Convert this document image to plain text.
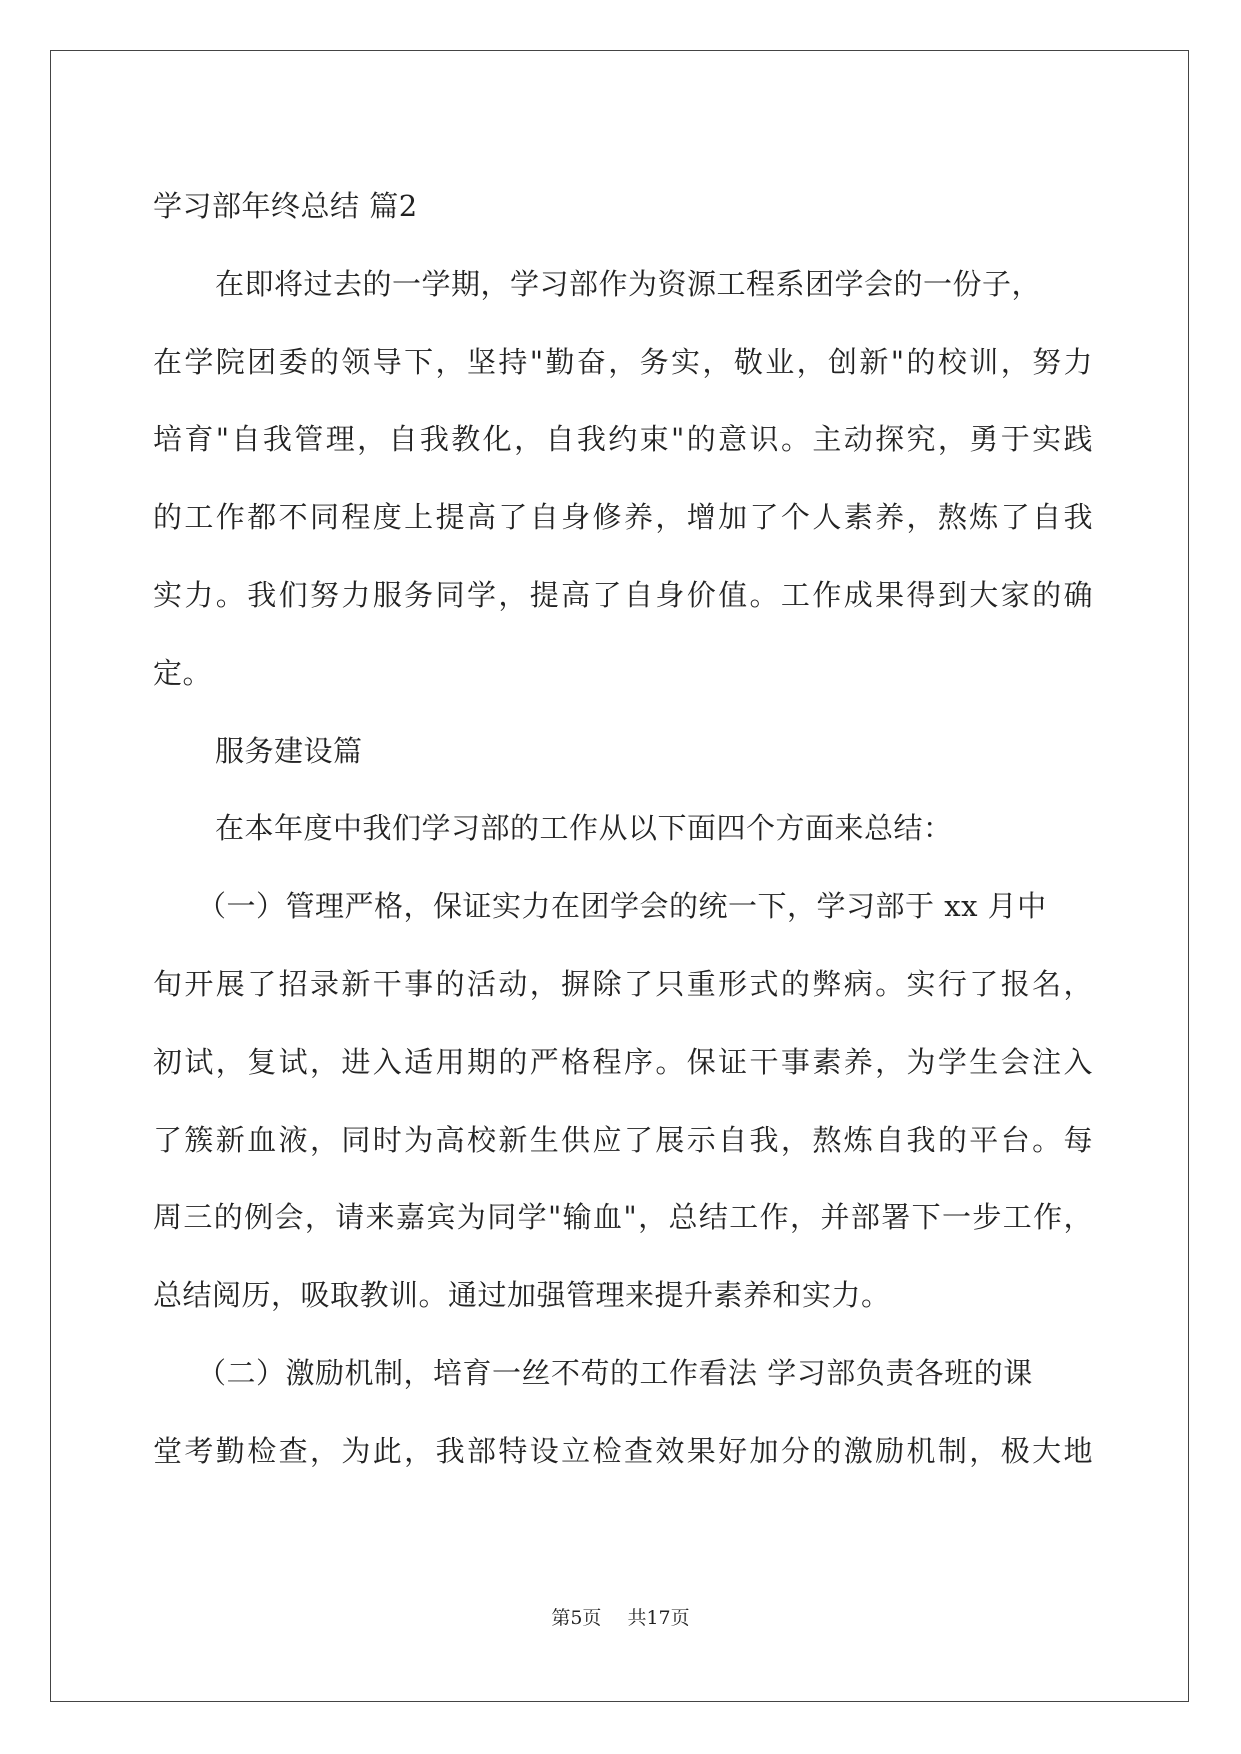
学习部年终总结 篇2
在即将过去的一学期，学习部作为资源工程系团学会的一份子，
在学院团委的领导下，坚持"勤奋，务实，敬业，创新"的校训，努力
培育"自我管理，自我教化，自我约束"的意识。主动探究，勇于实践
的工作都不同程度上提高了自身修养，增加了个人素养，熬炼了自我
实力。我们努力服务同学，提高了自身价值。工作成果得到大家的确
定。
服务建设篇
在本年度中我们学习部的工作从以下面四个方面来总结：
（一）管理严格，保证实力在团学会的统一下，学习部于 xx 月中
旬开展了招录新干事的活动，摒除了只重形式的弊病。实行了报名，
初试，复试，进入适用期的严格程序。保证干事素养，为学生会注入
了簇新血液，同时为高校新生供应了展示自我，熬炼自我的平台。每
周三的例会，请来嘉宾为同学"输血"，总结工作，并部署下一步工作，
总结阅历，吸取教训。通过加强管理来提升素养和实力。
（二）激励机制，培育一丝不苟的工作看法 学习部负责各班的课
堂考勤检查，为此，我部特设立检查效果好加分的激励机制，极大地
第5页 共17页
